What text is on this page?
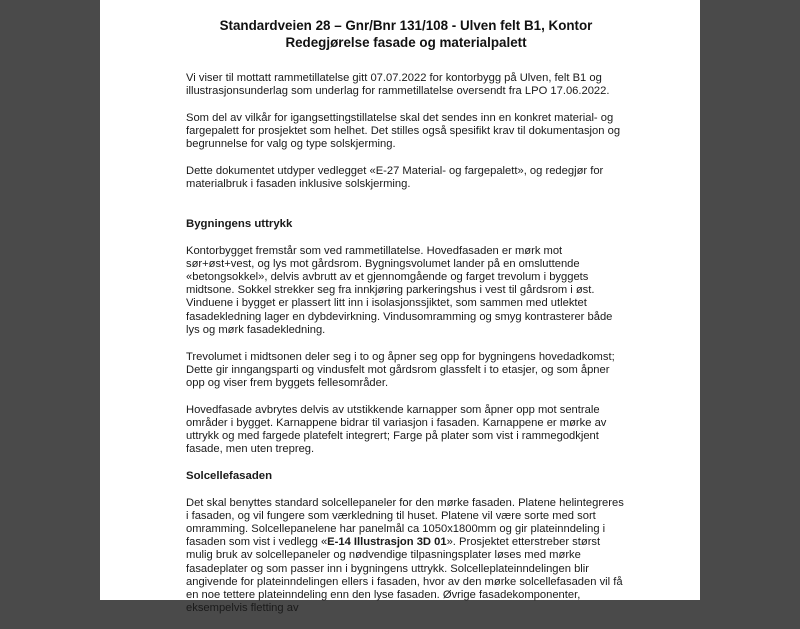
Standardveien 28 – Gnr/Bnr 131/108 - Ulven felt B1, Kontor
Redegjørelse fasade og materialpalett

Vi viser til mottatt rammetillatelse gitt 07.07.2022 for kontorbygg på Ulven, felt B1 og illustrasjonsunderlag som underlag for rammetillatelse oversendt fra LPO 17.06.2022.

Som del av vilkår for igangsettingstillatelse skal det sendes inn en konkret material- og fargepalett for prosjektet som helhet. Det stilles også spesifikt krav til dokumentasjon og begrunnelse for valg og type solskjerming.

Dette dokumentet utdyper vedlegget «E-27 Material- og fargepalett», og redegjør for materialbruk i fasaden inklusive solskjerming.

Bygningens uttrykk

Kontorbygget fremstår som ved rammetillatelse. Hovedfasaden er mørk mot sør+øst+vest, og lys mot gårdsrom. Bygningsvolumet lander på en omsluttende «betongsokkel», delvis avbrutt av et gjennomgående og farget trevolum i byggets midtsone. Sokkel strekker seg fra innkjøring parkeringshus i vest til gårdsrom i øst. Vinduene i bygget er plassert litt inn i isolasjonssjiktet, som sammen med utlektet fasadekledning lager en dybdevirkning. Vindusomramming og smyg kontrasterer både lys og mørk fasadekledning.

Trevolumet i midtsonen deler seg i to og åpner seg opp for bygningens hovedadkomst; Dette gir inngangsparti og vindusfelt mot gårdsrom glassfelt i to etasjer, og som åpner opp og viser frem byggets fellesområder.

Hovedfasade avbrytes delvis av utstikkende karnapper som åpner opp mot sentrale områder i bygget. Karnappene bidrar til variasjon i fasaden. Karnappene er mørke av uttrykk og med fargede platefelt integrert; Farge på plater som vist i rammegodkjent fasade, men uten trepreg.

Solcellefasaden

Det skal benyttes standard solcellepaneler for den mørke fasaden. Platene helintegreres i fasaden, og vil fungere som værkledning til huset. Platene vil være sorte med sort omramming. Solcellepanelene har panelmål ca 1050x1800mm og gir plateinndeling i fasaden som vist i vedlegg «E-14 Illustrasjon 3D 01». Prosjektet etterstreber størst mulig bruk av solcellepaneler og nødvendige tilpasningsplater løses med mørke fasadeplater og som passer inn i bygningens uttrykk. Solcelleplateinndelingen blir angivende for plateinndelingen ellers i fasaden, hvor av den mørke solcellefasaden vil få en noe tettere plateinndeling enn den lyse fasaden. Øvrige fasadekomponenter, eksempelvis fletting av
